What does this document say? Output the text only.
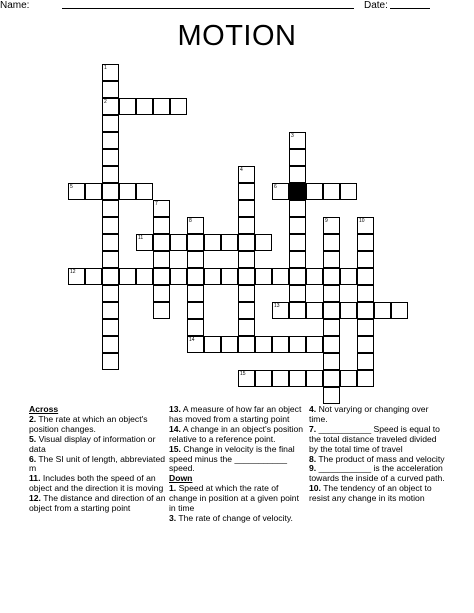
Name:	Date:
MOTION
1
2
3
4
5	6
7
8
14
9	10
11
12
13
15
Across

2. The rate at which an object's position changes.

5. Visual display of information or data

6. The SI unit of length, abbreviated m

11. Includes both the speed of an object and the direction it is moving

12. The distance and direction of an object from a starting point

13. A measure of how far an object has moved from a starting point

14. A change in an object's position relative to a reference point.

15. Change in velocity is the final speed minus the ___________ speed.

Down

1. Speed at which the rate of change in position at a given point in time

3. The rate of change of velocity.

4. Not varying or changing over time.

7. ___________ Speed is equal to the total distance traveled divided by the total time of travel

8. The product of mass and velocity

9. ___________ is the acceleration towards the inside of a curved path.

10. The tendency of an object to resist any change in its motion
